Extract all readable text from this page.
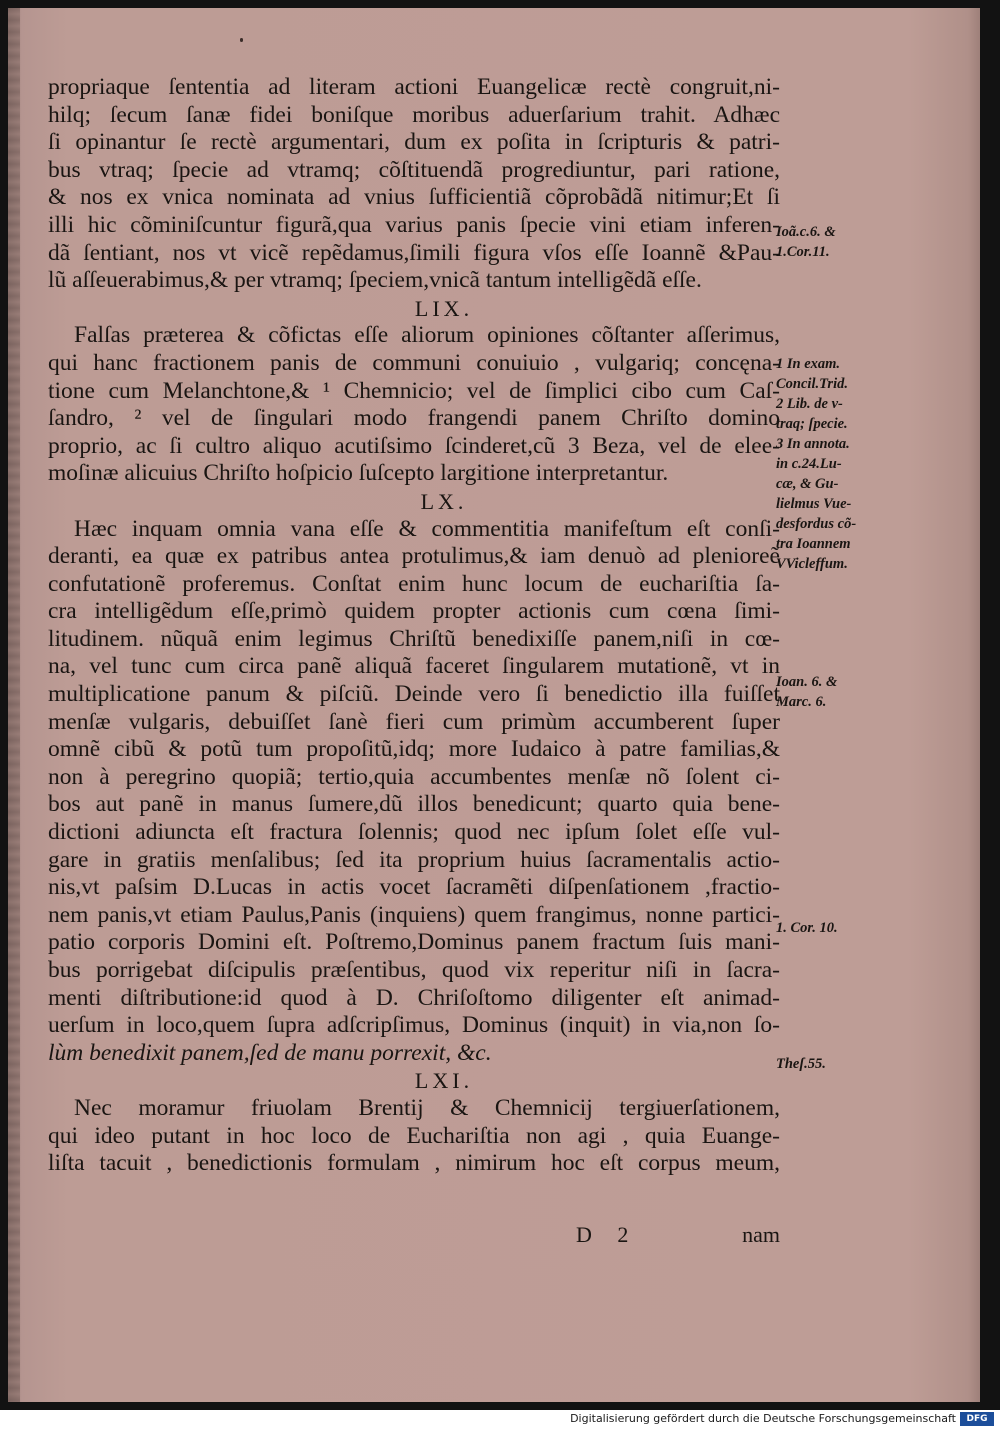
propriaque ſententia ad literam actioni Euangelicæ rectè congruit,ni-
hilq; ſecum ſanæ fidei boniſque moribus aduerſarium trahit. Adhæc
ſi opinantur ſe rectè argumentari, dum ex poſita in ſcripturis & patri-
bus vtraq; ſpecie ad vtramq; cõſtituendã progrediuntur, pari ratione,
& nos ex vnica nominata ad vnius ſufficientiã cõprobãdã nitimur;Et ſi
illi hic cõminiſcuntur figurã,qua varius panis ſpecie vini etiam inferen-
dã ſentiant, nos vt vicẽ repẽdamus,ſimili figura vſos eſſe Ioannẽ &Pau-
lũ aſſeuerabimus,& per vtramq; ſpeciem,vnicã tantum intelligẽdã eſſe.
LIX.
Falſas præterea & cõfictas eſſe aliorum opiniones cõſtanter aſſerimus,
qui hanc fractionem panis de communi conuiuio , vulgariq; concęna-
tione cum Melanchtone,& ¹ Chemnicio; vel de ſimplici cibo cum Caſ-
ſandro, ² vel de ſingulari modo frangendi panem Chriſto domino
proprio, ac ſi cultro aliquo acutiſsimo ſcinderet,cũ 3 Beza, vel de elee-
moſinæ alicuius Chriſto hoſpicio ſuſcepto largitione interpretantur.
LX.
Hæc inquam omnia vana eſſe & commentitia manifeſtum eſt conſi-
deranti, ea quæ ex patribus antea protulimus,& iam denuò ad plenioreẽ
confutationẽ proferemus. Conſtat enim hunc locum de euchariſtia ſa-
cra intelligẽdum eſſe,primò quidem propter actionis cum cœna ſimi-
litudinem. nũquã enim legimus Chriſtũ benedixiſſe panem,niſi in cœ-
na, vel tunc cum circa panẽ aliquã faceret ſingularem mutationẽ, vt in
multiplicatione panum & piſciũ. Deinde vero ſi benedictio illa fuiſſet
menſæ vulgaris, debuiſſet ſanè fieri cum primùm accumberent ſuper
omnẽ cibũ & potũ tum propoſitũ,idq; more Iudaico à patre familias,&
non à peregrino quopiã; tertio,quia accumbentes menſæ nõ ſolent ci-
bos aut panẽ in manus ſumere,dũ illos benedicunt; quarto quia bene-
dictioni adiuncta eſt fractura ſolennis; quod nec ipſum ſolet eſſe vul-
gare in gratiis menſalibus; ſed ita proprium huius ſacramentalis actio-
nis,vt paſsim D.Lucas in actis vocet ſacramẽti diſpenſationem ,fractio-
nem panis,vt etiam Paulus,Panis (inquiens) quem frangimus, nonne partici-
patio corporis Domini eſt. Poſtremo,Dominus panem fractum ſuis mani-
bus porrigebat diſcipulis præſentibus, quod vix reperitur niſi in ſacra-
menti diſtributione:id quod à D. Chriſoſtomo diligenter eſt animad-
uerſum in loco,quem ſupra adſcripſimus, Dominus (inquit) in via,non ſo-
lùm benedixit panem,ſed de manu porrexit, &c.
LXI.
Nec moramur friuolam Brentij & Chemnicij tergiuerſationem,
qui ideo putant in hoc loco de Euchariſtia non agi , quia Euange-
liſta tacuit , benedictionis formulam , nimirum hoc eſt corpus meum,
Ioã.c.6. &
1.Cor.11.
1 In exam.
Concil.Trid.
2 Lib. de v-
traq; ſpecie.
3 In annota.
in c.24.Lu-
cæ, & Gu-
lielmus Vue-
desfordus cõ-
tra Ioannem
VVicleffum.
Ioan. 6. &
Marc. 6.
1. Cor. 10.
Theſ.55.
D 2	nam
Digitalisierung gefördert durch die Deutsche Forschungsgemeinschaft	DFG
